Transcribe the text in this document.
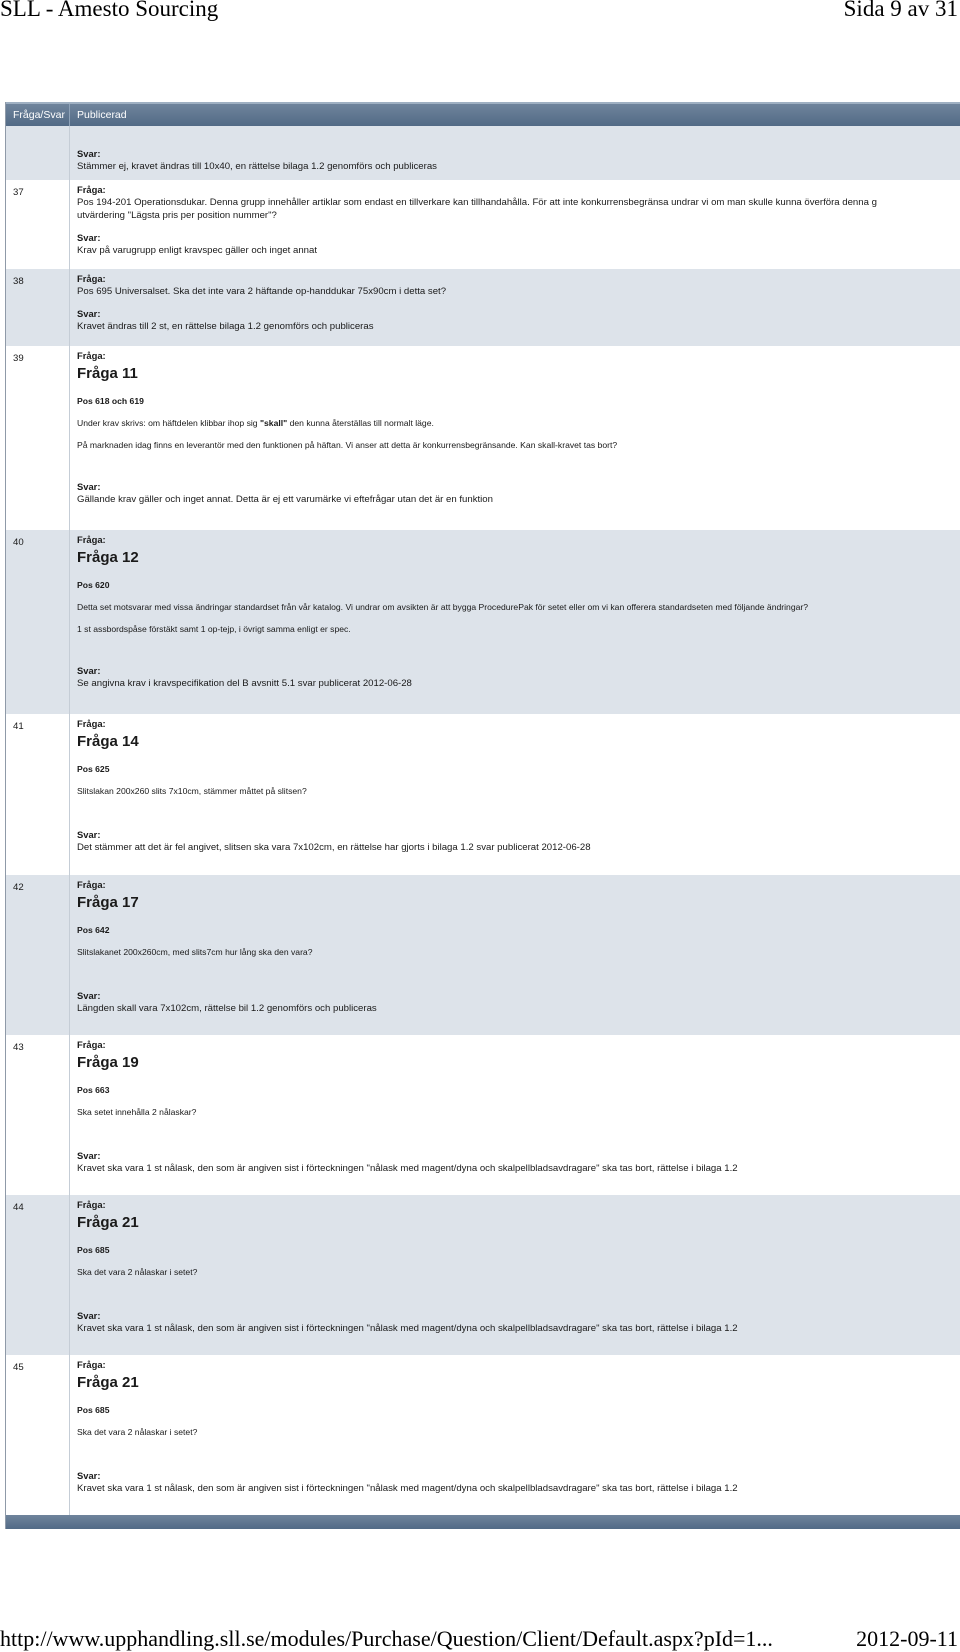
SLL - Amesto Sourcing	Sida 9 av 31
Fråga/Svar	Publicerad
Svar:
Stämmer ej, kravet ändras till 10x40, en rättelse bilaga 1.2 genomförs och publiceras
37	Fråga:
Pos 194-201 Operationsdukar. Denna grupp innehåller artiklar som endast en tillverkare kan tillhandahålla. För att inte konkurrensbegränsa undrar vi om man skulle kunna överföra denna g
utvärdering "Lägsta pris per position nummer"?
Svar:
Krav på varugrupp enligt kravspec gäller och inget annat
38	Fråga:
Pos 695 Universalset. Ska det inte vara 2 häftande op-handdukar 75x90cm i detta set?
Svar:
Kravet ändras till 2 st, en rättelse bilaga 1.2 genomförs och publiceras
39	Fråga:
Fråga 11
Pos 618 och 619
Under krav skrivs: om häftdelen klibbar ihop sig "skall" den kunna återställas till normalt läge.
På marknaden idag finns en leverantör med den funktionen på häftan. Vi anser att detta är konkurrensbegränsande. Kan skall-kravet tas bort?
Svar:
Gällande krav gäller och inget annat. Detta är ej ett varumärke vi eftefrågar utan det är en funktion
40	Fråga:
Fråga 12
Pos 620
Detta set motsvarar med vissa ändringar standardset från vår katalog. Vi undrar om avsikten är att bygga ProcedurePak för setet eller om vi kan offerera standardseten med följande ändringar?
1 st assbordspåse förstäkt samt 1 op-tejp, i övrigt samma enligt er spec.
Svar:
Se angivna krav i kravspecifikation del B avsnitt 5.1 svar publicerat 2012-06-28
41	Fråga:
Fråga 14
Pos 625
Slitslakan 200x260 slits 7x10cm, stämmer måttet på slitsen?
Svar:
Det stämmer att det är fel angivet, slitsen ska vara 7x102cm, en rättelse har gjorts i bilaga 1.2 svar publicerat 2012-06-28
42	Fråga:
Fråga 17
Pos 642
Slitslakanet 200x260cm, med slits7cm hur lång ska den vara?
Svar:
Längden skall vara 7x102cm, rättelse bil 1.2 genomförs och publiceras
43	Fråga:
Fråga 19
Pos 663
Ska setet innehålla 2 nålaskar?
Svar:
Kravet ska vara 1 st nålask, den som är angiven sist i förteckningen "nålask med magent/dyna och skalpellbladsavdragare" ska tas bort, rättelse i bilaga 1.2
44	Fråga:
Fråga 21
Pos 685
Ska det vara 2 nålaskar i setet?
Svar:
Kravet ska vara 1 st nålask, den som är angiven sist i förteckningen "nålask med magent/dyna och skalpellbladsavdragare" ska tas bort, rättelse i bilaga 1.2
45	Fråga:
Fråga 21
Pos 685
Ska det vara 2 nålaskar i setet?
Svar:
Kravet ska vara 1 st nålask, den som är angiven sist i förteckningen "nålask med magent/dyna och skalpellbladsavdragare" ska tas bort, rättelse i bilaga 1.2
http://www.upphandling.sll.se/modules/Purchase/Question/Client/Default.aspx?pId=1...	2012-09-11
